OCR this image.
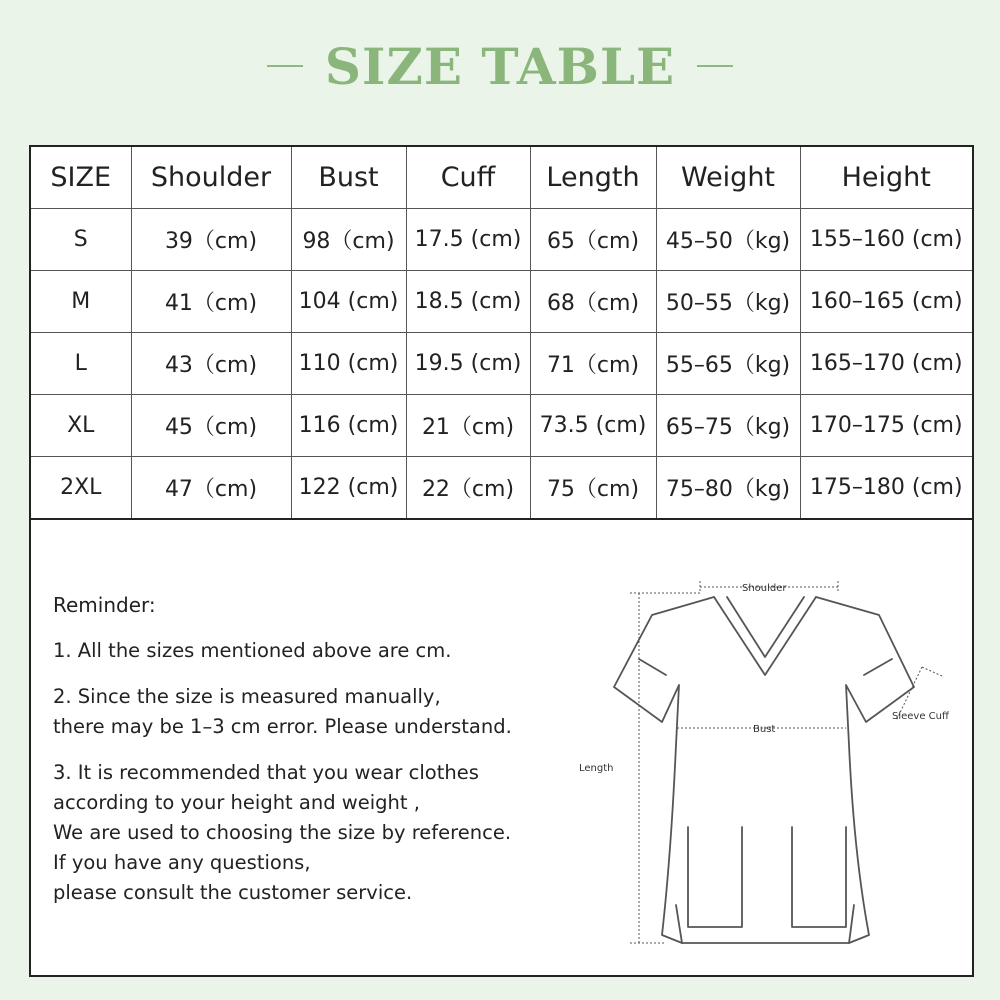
SIZE TABLE
SIZE	Shoulder	Bust	Cuff	Length	Weight	Height
S	39（cm)	98（cm)	17.5 (cm)	65（cm)	45–50（kg)	155–160 (cm)
M	41（cm)	104 (cm)	18.5 (cm)	68（cm)	50–55（kg)	160–165 (cm)
L	43（cm)	110 (cm)	19.5 (cm)	71（cm)	55–65（kg)	165–170 (cm)
XL	45（cm)	116 (cm)	21（cm)	73.5 (cm)	65–75（kg)	170–175 (cm)
2XL	47（cm)	122 (cm)	22（cm)	75（cm)	75–80（kg)	175–180 (cm)
Reminder:

1. All the sizes mentioned above are cm.

2. Since the size is measured manually,
there may be 1–3 cm error. Please understand.

3. It is recommended that you wear clothes
according to your height and weight ,
We are used to choosing the size by reference.
If you have any questions,
please consult the customer service.

Shoulder
Bust
Length
Sleeve Cuff
